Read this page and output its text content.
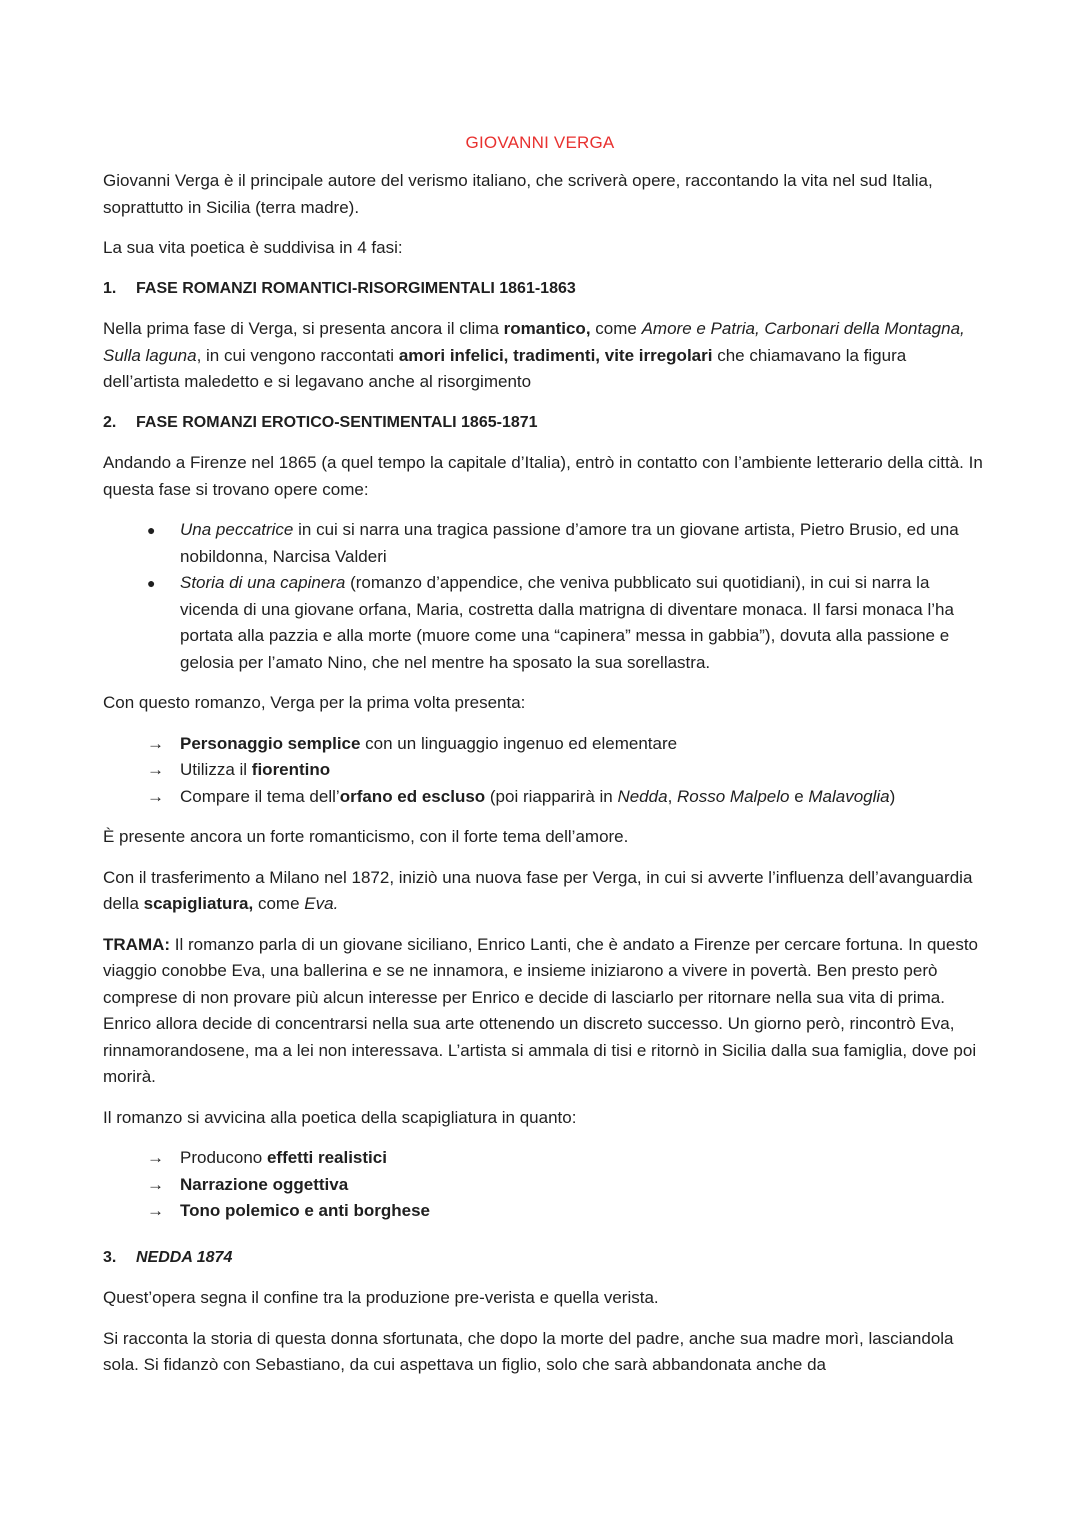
GIOVANNI VERGA

Giovanni Verga è il principale autore del verismo italiano, che scriverà opere, raccontando la vita nel sud Italia, soprattutto in Sicilia (terra madre).

La sua vita poetica è suddivisa in 4 fasi:

1. FASE ROMANZI ROMANTICI-RISORGIMENTALI 1861-1863

Nella prima fase di Verga, si presenta ancora il clima romantico, come Amore e Patria, Carbonari della Montagna, Sulla laguna, in cui vengono raccontati amori infelici, tradimenti, vite irregolari che chiamavano la figura dell’artista maledetto e si legavano anche al risorgimento

2. FASE ROMANZI EROTICO-SENTIMENTALI 1865-1871

Andando a Firenze nel 1865 (a quel tempo la capitale d’Italia), entrò in contatto con l’ambiente letterario della città. In questa fase si trovano opere come:

● Una peccatrice in cui si narra una tragica passione d’amore tra un giovane artista, Pietro Brusio, ed una nobildonna, Narcisa Valderi
● Storia di una capinera (romanzo d’appendice, che veniva pubblicato sui quotidiani), in cui si narra la vicenda di una giovane orfana, Maria, costretta dalla matrigna di diventare monaca. Il farsi monaca l’ha portata alla pazzia e alla morte (muore come una “capinera” messa in gabbia”), dovuta alla passione e gelosia per l’amato Nino, che nel mentre ha sposato la sua sorellastra.

Con questo romanzo, Verga per la prima volta presenta:

→ Personaggio semplice con un linguaggio ingenuo ed elementare
→ Utilizza il fiorentino
→ Compare il tema dell’orfano ed escluso (poi riapparirà in Nedda, Rosso Malpelo e Malavoglia)

È presente ancora un forte romanticismo, con il forte tema dell’amore.

Con il trasferimento a Milano nel 1872, iniziò una nuova fase per Verga, in cui si avverte l’influenza dell’avanguardia della scapigliatura, come Eva.

TRAMA: Il romanzo parla di un giovane siciliano, Enrico Lanti, che è andato a Firenze per cercare fortuna. In questo viaggio conobbe Eva, una ballerina e se ne innamora, e insieme iniziarono a vivere in povertà. Ben presto però comprese di non provare più alcun interesse per Enrico e decide di lasciarlo per ritornare nella sua vita di prima. Enrico allora decide di concentrarsi nella sua arte ottenendo un discreto successo. Un giorno però, rincontrò Eva, rinnamorandosene, ma a lei non interessava. L’artista si ammala di tisi e ritornò in Sicilia dalla sua famiglia, dove poi morirà.

Il romanzo si avvicina alla poetica della scapigliatura in quanto:

→ Producono effetti realistici
→ Narrazione oggettiva
→ Tono polemico e anti borghese
3. NEDDA 1874

Quest’opera segna il confine tra la produzione pre-verista e quella verista.

Si racconta la storia di questa donna sfortunata, che dopo la morte del padre, anche sua madre morì, lasciandola sola. Si fidanzò con Sebastiano, da cui aspettava un figlio, solo che sarà abbandonata anche da
